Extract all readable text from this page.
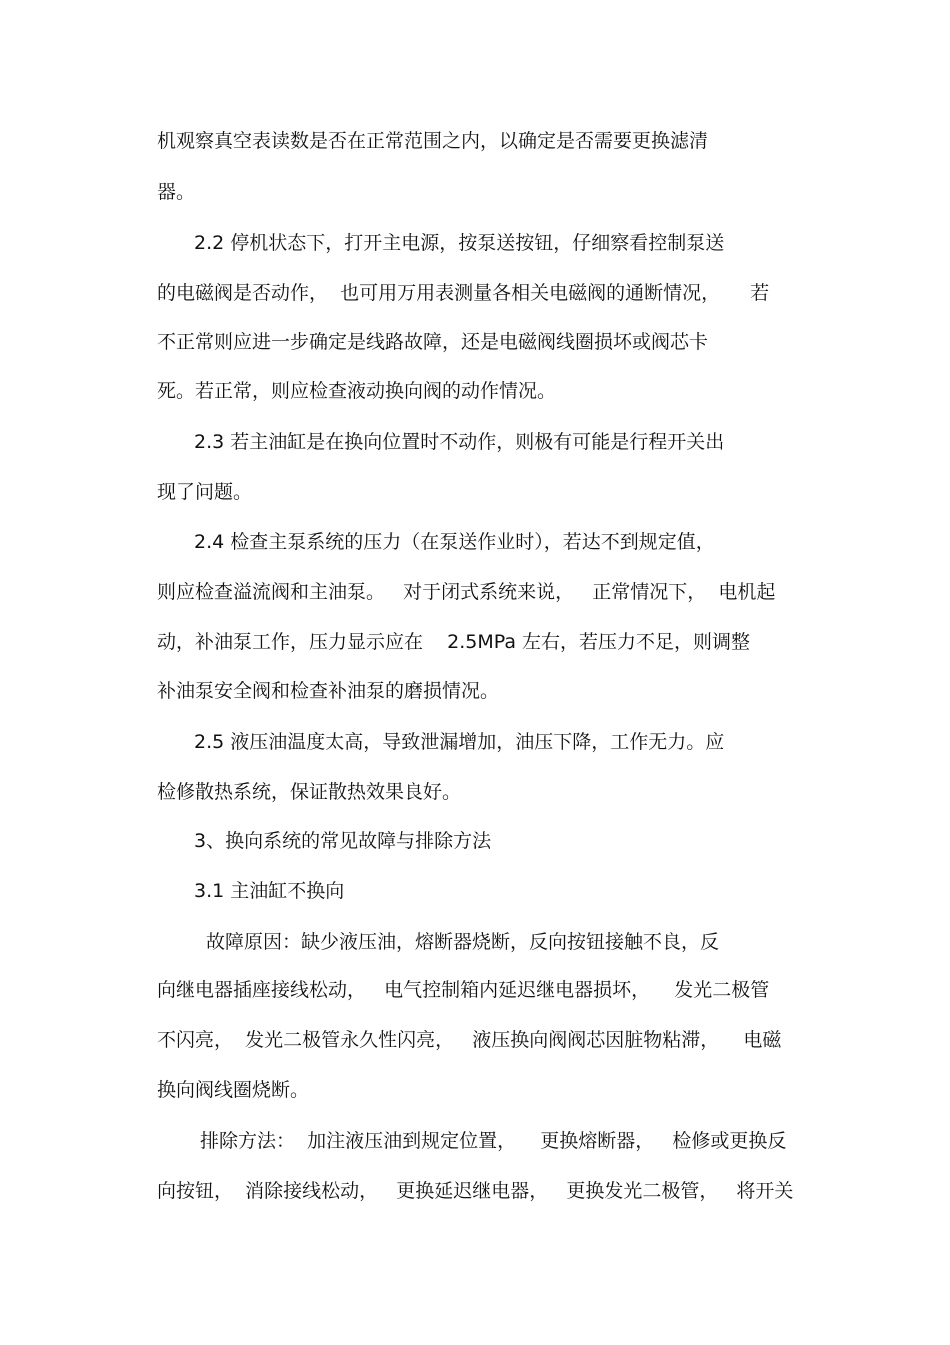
机观察真空表读数是否在正常范围之内，以确定是否需要更换滤清

器。

2.2 停机状态下，打开主电源，按泵送按钮，仔细察看控制泵送

的电磁阀是否动作，  也可用万用表测量各相关电磁阀的通断情况，     若

不正常则应进一步确定是线路故障，还是电磁阀线圈损坏或阀芯卡

死。若正常，则应检查液动换向阀的动作情况。

2.3 若主油缸是在换向位置时不动作，则极有可能是行程开关出

现了问题。

2.4 检查主泵系统的压力（在泵送作业时），若达不到规定值，

则应检查溢流阀和主油泵。   对于闭式系统来说，   正常情况下，  电机起

动，补油泵工作，压力显示应在    2.5MPa 左右，若压力不足，则调整

补油泵安全阀和检查补油泵的磨损情况。

2.5 液压油温度太高，导致泄漏增加，油压下降，工作无力。应

检修散热系统，保证散热效果良好。

3、换向系统的常见故障与排除方法

3.1 主油缸不换向

故障原因：缺少液压油，熔断器烧断，反向按钮接触不良，反

向继电器插座接线松动，   电气控制箱内延迟继电器损坏，    发光二极管

不闪亮，  发光二极管永久性闪亮，   液压换向阀阀芯因脏物粘滞，    电磁

换向阀线圈烧断。

排除方法：  加注液压油到规定位置，    更换熔断器，   检修或更换反

向按钮，  消除接线松动，   更换延迟继电器，   更换发光二极管，   将开关
